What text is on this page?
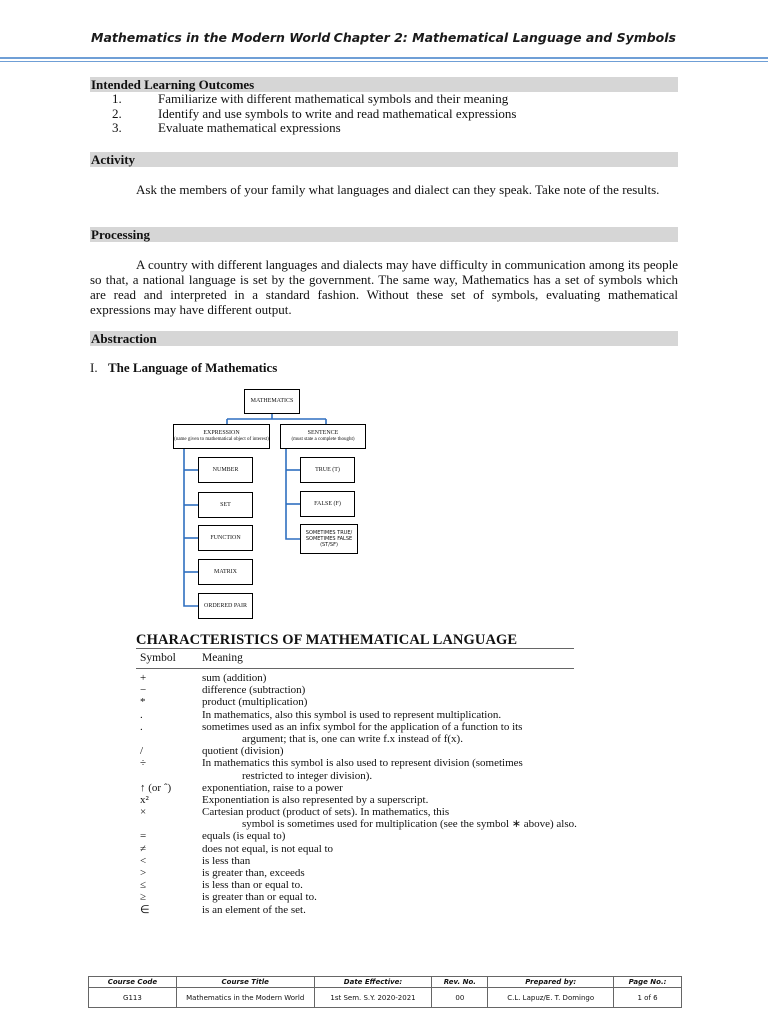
Mathematics in the Modern World Chapter 2: Mathematical Language and Symbols
Intended Learning Outcomes
1.	Familiarize with different mathematical symbols and their meaning
2.	Identify and use symbols to write and read mathematical expressions
3.	Evaluate mathematical expressions
Activity
Ask the members of your family what languages and dialect can they speak. Take note of the results.
Processing
A country with different languages and dialects may have difficulty in communication among its people so that, a national language is set by the government. The same way, Mathematics has a set of symbols which are read and interpreted in a standard fashion. Without these set of symbols, evaluating mathematical expressions may have different output.
Abstraction
I. The Language of Mathematics
MATHEMATICS
EXPRESSION
(name given to mathematical object of interest)
SENTENCE
(must state a complete thought)
NUMBER
SET
FUNCTION
MATRIX
ORDERED PAIR
TRUE (T)
FALSE (F)
SOMETIMES TRUE/ SOMETIMES FALSE (ST/SF)
CHARACTERISTICS OF MATHEMATICAL LANGUAGE
Symbol Meaning
+	sum (addition)
−	difference (subtraction)
*	product (multiplication)
.	In mathematics, also this symbol is used to represent multiplication.
.	sometimes used as an infix symbol for the application of a function to its
argument; that is, one can write f.x instead of f(x).
/	quotient (division)
÷	In mathematics this symbol is also used to represent division (sometimes
restricted to integer division).
↑ (or ˆ)	exponentiation, raise to a power
x²	Exponentiation is also represented by a superscript.
×	Cartesian product (product of sets). In mathematics, this
symbol is sometimes used for multiplication (see the symbol ∗ above) also.
=	equals (is equal to)
≠	does not equal, is not equal to
<	is less than
>	is greater than, exceeds
≤	is less than or equal to.
≥	is greater than or equal to.
∈	is an element of the set.
Course Code	Course Title	Date Effective:	Rev. No.	Prepared by:	Page No.:
G113	Mathematics in the Modern World	1st Sem. S.Y. 2020-2021	00	C.L. Lapuz/E. T. Domingo	1 of 6
